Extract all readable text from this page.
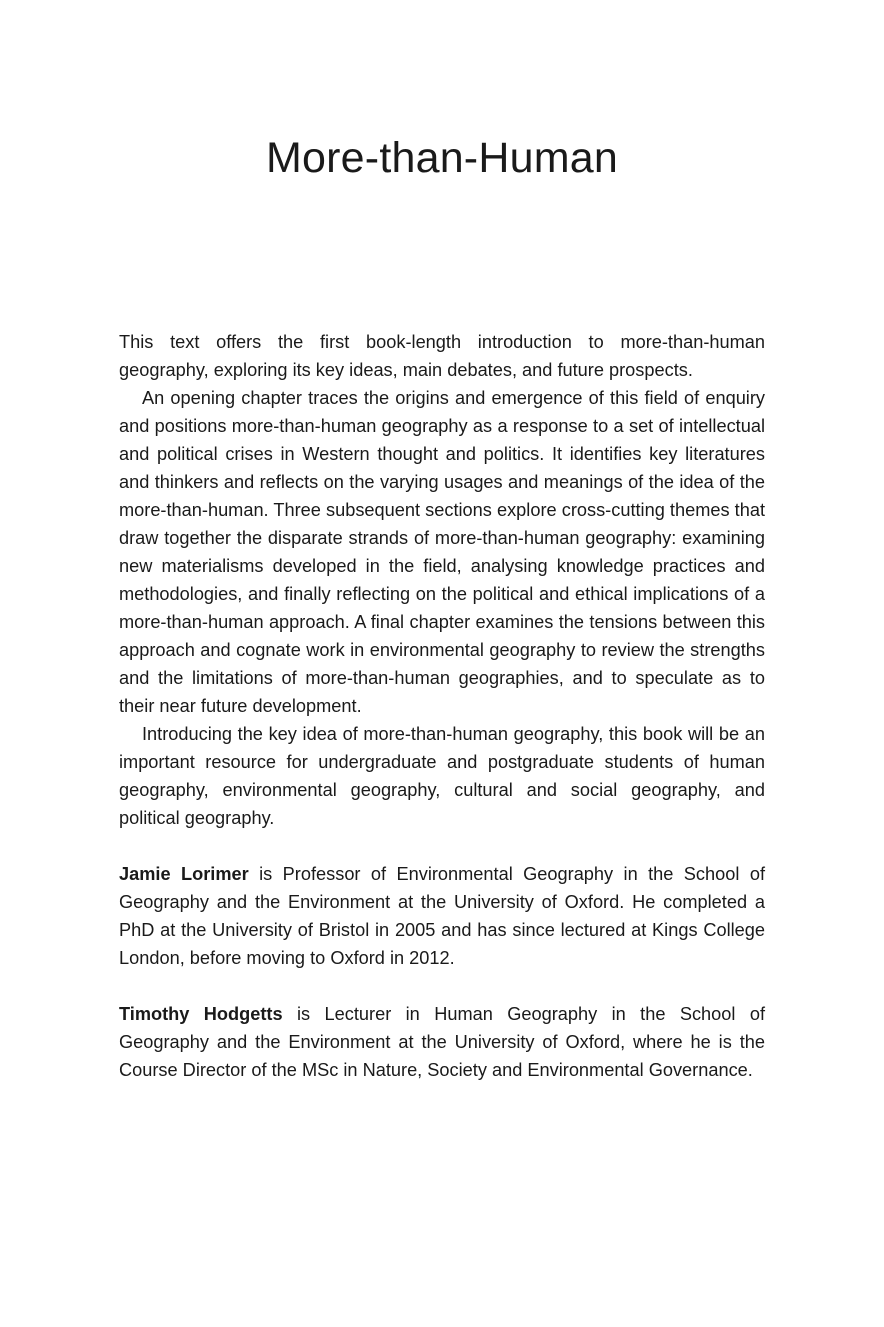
More-than-Human

This text offers the first book-length introduction to more-than-human geography, exploring its key ideas, main debates, and future prospects.

An opening chapter traces the origins and emergence of this field of enquiry and positions more-than-human geography as a response to a set of intellectual and political crises in Western thought and politics. It identifies key literatures and thinkers and reflects on the varying usages and meanings of the idea of the more-than-human. Three subsequent sections explore cross-cutting themes that draw together the disparate strands of more-than-human geography: examining new materialisms developed in the field, analysing knowledge practices and methodologies, and finally reflecting on the political and ethical implications of a more-than-human approach. A final chapter examines the tensions between this approach and cognate work in environmental geography to review the strengths and the limitations of more-than-human geographies, and to speculate as to their near future development.

Introducing the key idea of more-than-human geography, this book will be an important resource for undergraduate and postgraduate students of human geography, environmental geography, cultural and social geography, and political geography.

Jamie Lorimer is Professor of Environmental Geography in the School of Geography and the Environment at the University of Oxford. He completed a PhD at the University of Bristol in 2005 and has since lectured at Kings College London, before moving to Oxford in 2012.

Timothy Hodgetts is Lecturer in Human Geography in the School of Geography and the Environment at the University of Oxford, where he is the Course Director of the MSc in Nature, Society and Environmental Governance.
